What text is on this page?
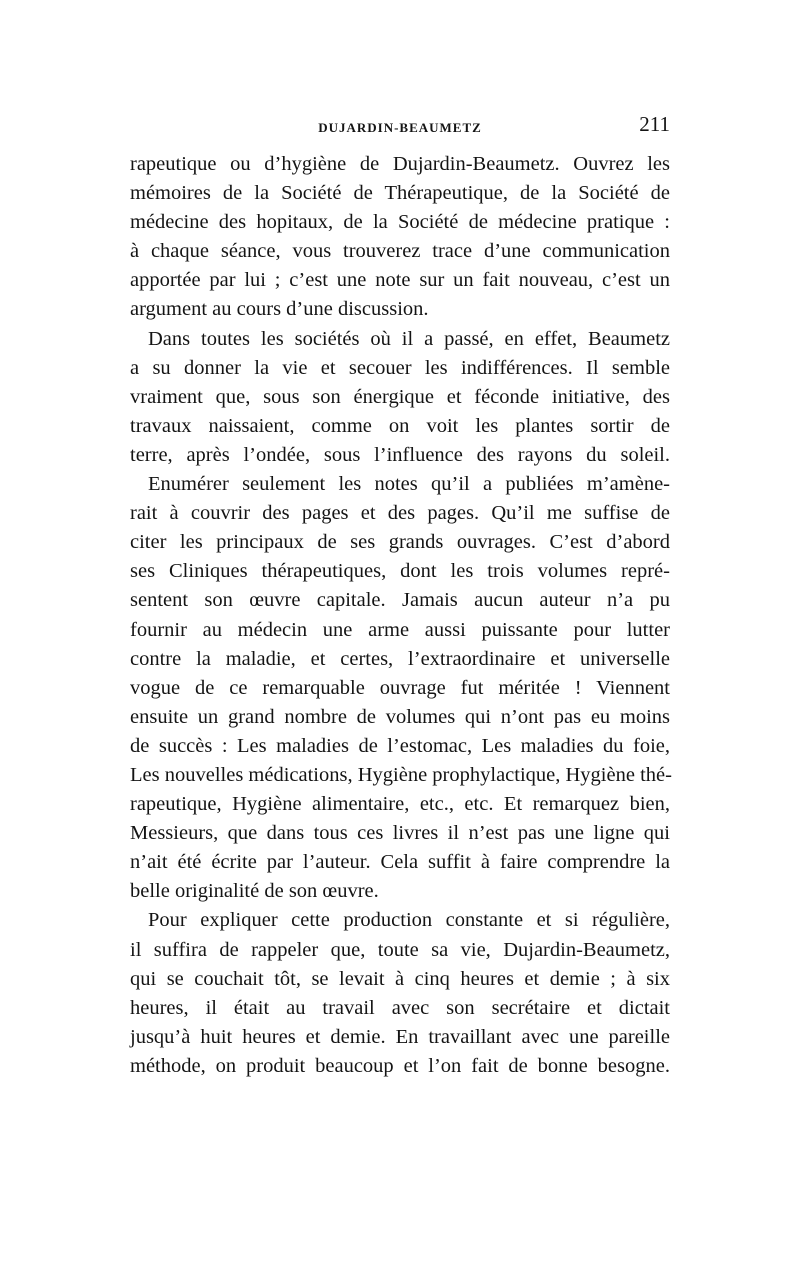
DUJARDIN-BEAUMETZ	211
rapeutique ou d’hygiène de Dujardin-Beaumetz. Ouvrez les
mémoires de la Société de Thérapeutique, de la Société de
médecine des hopitaux, de la Société de médecine pratique :
à chaque séance, vous trouverez trace d’une communication
apportée par lui ; c’est une note sur un fait nouveau, c’est un
argument au cours d’une discussion.
Dans toutes les sociétés où il a passé, en effet, Beaumetz
a su donner la vie et secouer les indifférences. Il semble
vraiment que, sous son énergique et féconde initiative, des
travaux naissaient, comme on voit les plantes sortir de
terre, après l’ondée, sous l’influence des rayons du soleil.
Enumérer seulement les notes qu’il a publiées m’amène-
rait à couvrir des pages et des pages. Qu’il me suffise de
citer les principaux de ses grands ouvrages. C’est d’abord
ses Cliniques thérapeutiques, dont les trois volumes repré-
sentent son œuvre capitale. Jamais aucun auteur n’a pu
fournir au médecin une arme aussi puissante pour lutter
contre la maladie, et certes, l’extraordinaire et universelle
vogue de ce remarquable ouvrage fut méritée ! Viennent
ensuite un grand nombre de volumes qui n’ont pas eu moins
de succès : Les maladies de l’estomac, Les maladies du foie,
Les nouvelles médications, Hygiène prophylactique, Hygiène thé-
rapeutique, Hygiène alimentaire, etc., etc. Et remarquez bien,
Messieurs, que dans tous ces livres il n’est pas une ligne qui
n’ait été écrite par l’auteur. Cela suffit à faire comprendre la
belle originalité de son œuvre.
Pour expliquer cette production constante et si régulière,
il suffira de rappeler que, toute sa vie, Dujardin-Beaumetz,
qui se couchait tôt, se levait à cinq heures et demie ; à six
heures, il était au travail avec son secrétaire et dictait
jusqu’à huit heures et demie. En travaillant avec une pareille
méthode, on produit beaucoup et l’on fait de bonne besogne.
